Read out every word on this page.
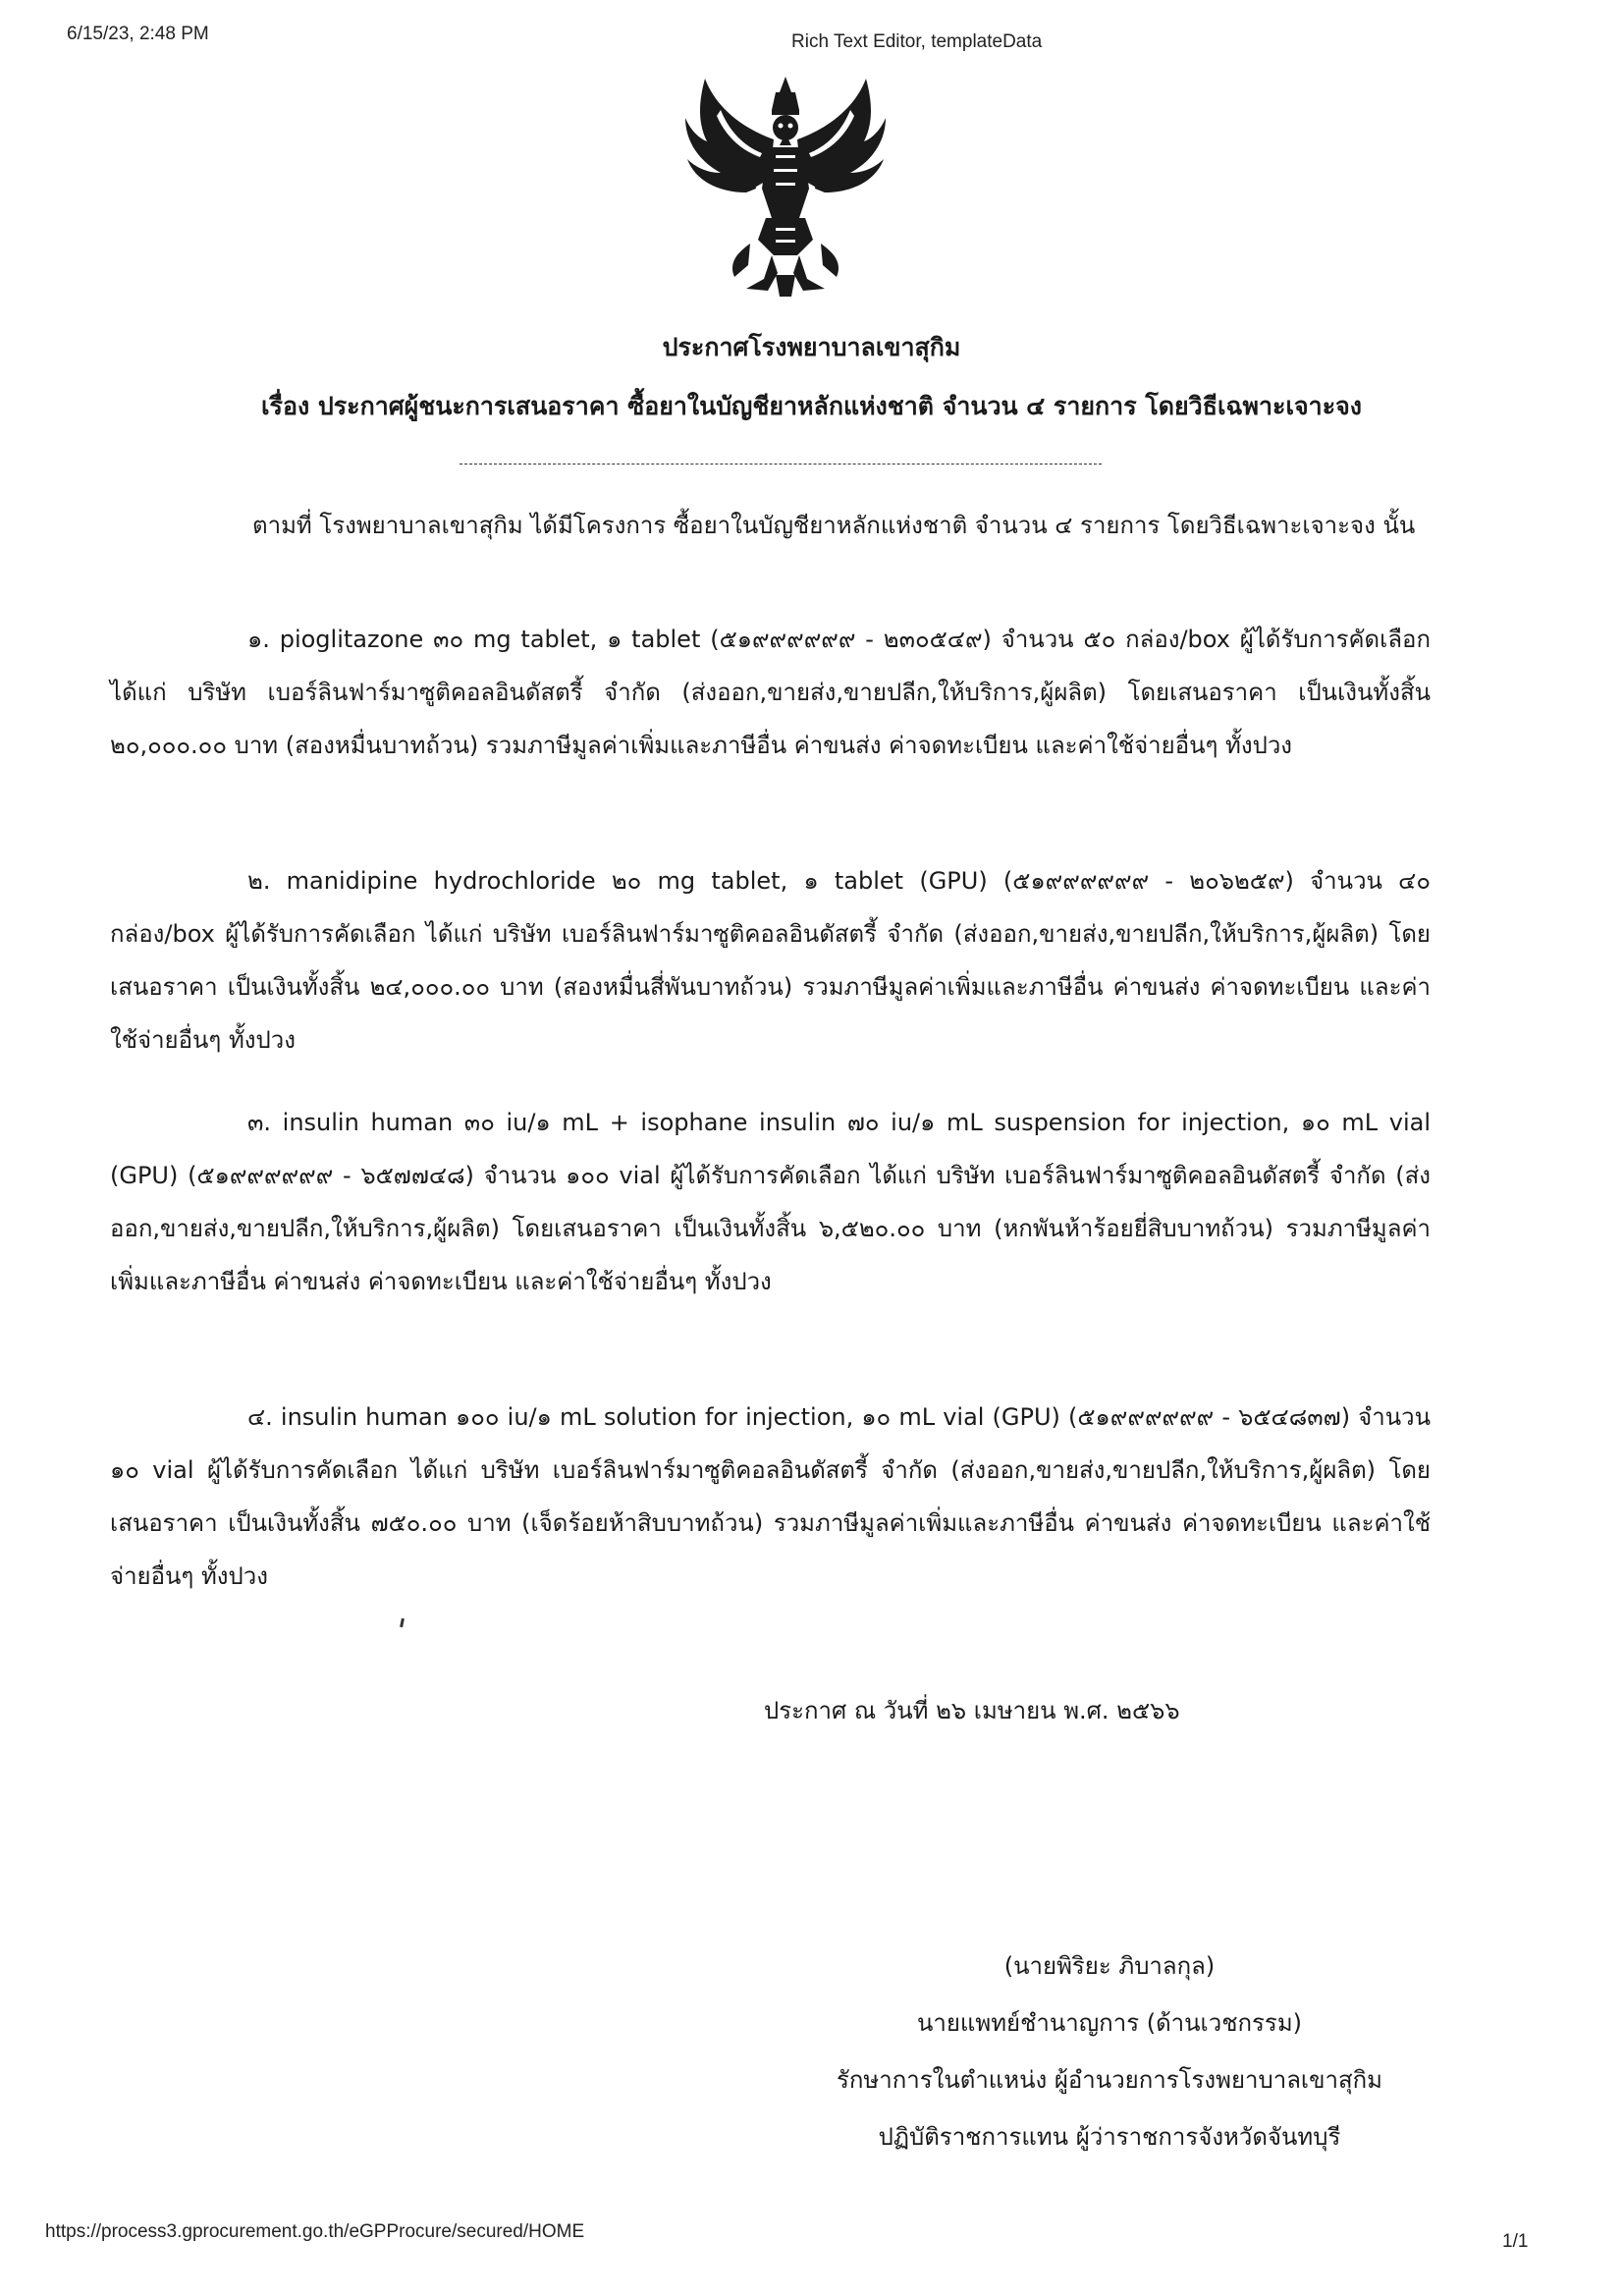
6/15/23, 2:48 PM	Rich Text Editor, templateData
ประกาศโรงพยาบาลเขาสุกิม
เรื่อง ประกาศผู้ชนะการเสนอราคา ซื้อยาในบัญชียาหลักแห่งชาติ จำนวน ๔ รายการ โดยวิธีเฉพาะเจาะจง
ตามที่ โรงพยาบาลเขาสุกิม ได้มีโครงการ ซื้อยาในบัญชียาหลักแห่งชาติ จำนวน ๔ รายการ โดยวิธีเฉพาะเจาะจง นั้น
๑. pioglitazone ๓๐ mg tablet, ๑ tablet (๕๑๙๙๙๙๙๙ - ๒๓๐๕๔๙) จำนวน ๕๐ กล่อง/box ผู้ได้รับการคัดเลือก ได้แก่ บริษัท เบอร์ลินฟาร์มาซูติคอลอินดัสตรี้ จำกัด (ส่งออก,ขายส่ง,ขายปลีก,ให้บริการ,ผู้ผลิต) โดยเสนอราคา เป็นเงินทั้งสิ้น ๒๐,๐๐๐.๐๐ บาท (สองหมื่นบาทถ้วน) รวมภาษีมูลค่าเพิ่มและภาษีอื่น ค่าขนส่ง ค่าจดทะเบียน และค่าใช้จ่ายอื่นๆ ทั้งปวง
๒. manidipine hydrochloride ๒๐ mg tablet, ๑ tablet (GPU) (๕๑๙๙๙๙๙๙ - ๒๐๖๒๕๙) จำนวน ๔๐ กล่อง/box ผู้ได้รับการคัดเลือก ได้แก่ บริษัท เบอร์ลินฟาร์มาซูติคอลอินดัสตรี้ จำกัด (ส่งออก,ขายส่ง,ขายปลีก,ให้บริการ,ผู้ผลิต) โดยเสนอราคา เป็นเงินทั้งสิ้น ๒๔,๐๐๐.๐๐ บาท (สองหมื่นสี่พันบาทถ้วน) รวมภาษีมูลค่าเพิ่มและภาษีอื่น ค่าขนส่ง ค่าจดทะเบียน และค่าใช้จ่ายอื่นๆ ทั้งปวง
๓. insulin human ๓๐ iu/๑ mL + isophane insulin ๗๐ iu/๑ mL suspension for injection, ๑๐ mL vial (GPU) (๕๑๙๙๙๙๙๙ - ๖๕๗๗๔๘) จำนวน ๑๐๐ vial ผู้ได้รับการคัดเลือก ได้แก่ บริษัท เบอร์ลินฟาร์มาซูติคอลอินดัสตรี้ จำกัด (ส่งออก,ขายส่ง,ขายปลีก,ให้บริการ,ผู้ผลิต) โดยเสนอราคา เป็นเงินทั้งสิ้น ๖,๕๒๐.๐๐ บาท (หกพันห้าร้อยยี่สิบบาทถ้วน) รวมภาษีมูลค่าเพิ่มและภาษีอื่น ค่าขนส่ง ค่าจดทะเบียน และค่าใช้จ่ายอื่นๆ ทั้งปวง
๔. insulin human ๑๐๐ iu/๑ mL solution for injection, ๑๐ mL vial (GPU) (๕๑๙๙๙๙๙๙ - ๖๕๔๘๓๗) จำนวน ๑๐ vial ผู้ได้รับการคัดเลือก ได้แก่ บริษัท เบอร์ลินฟาร์มาซูติคอลอินดัสตรี้ จำกัด (ส่งออก,ขายส่ง,ขายปลีก,ให้บริการ,ผู้ผลิต) โดยเสนอราคา เป็นเงินทั้งสิ้น ๗๕๐.๐๐ บาท (เจ็ดร้อยห้าสิบบาทถ้วน) รวมภาษีมูลค่าเพิ่มและภาษีอื่น ค่าขนส่ง ค่าจดทะเบียน และค่าใช้จ่ายอื่นๆ ทั้งปวง
ประกาศ ณ วันที่ ๒๖ เมษายน พ.ศ. ๒๕๖๖
(นายพิริยะ ภิบาลกุล)
นายแพทย์ชำนาญการ (ด้านเวชกรรม)
รักษาการในตำแหน่ง ผู้อำนวยการโรงพยาบาลเขาสุกิม
ปฏิบัติราชการแทน ผู้ว่าราชการจังหวัดจันทบุรี
https://process3.gprocurement.go.th/eGPProcure/secured/HOME	1/1
